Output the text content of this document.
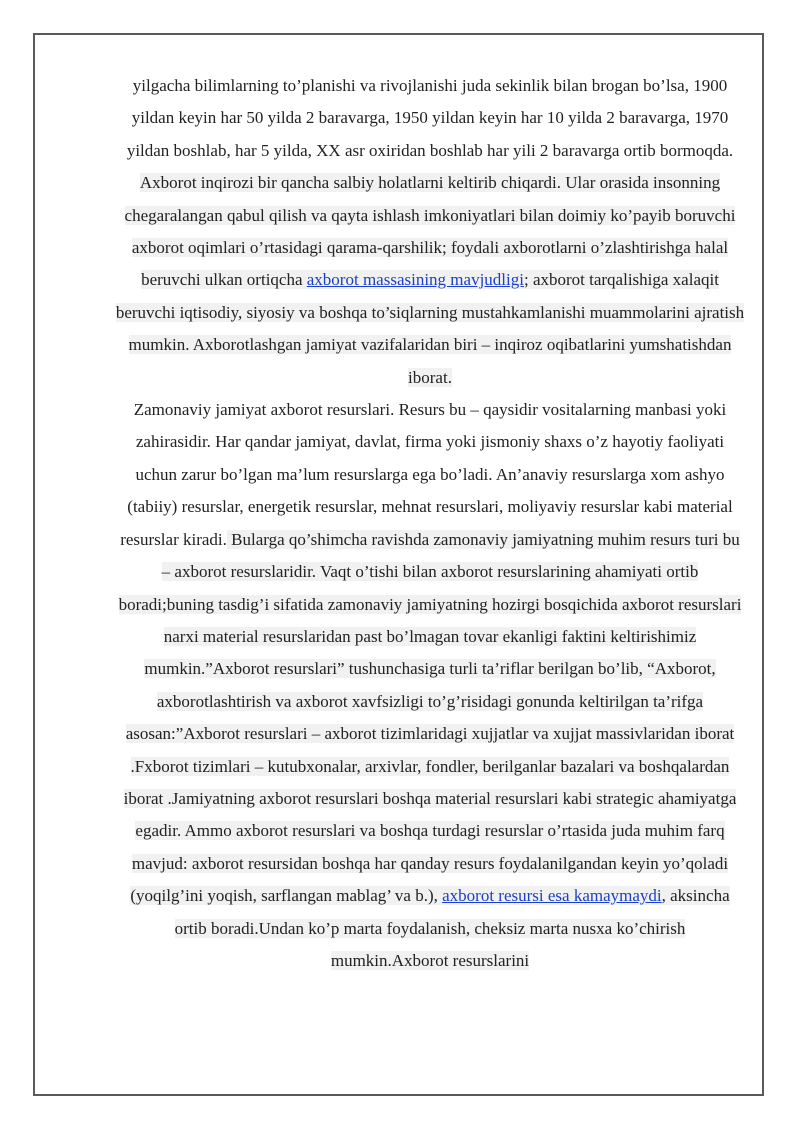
yilgacha bilimlarning to’planishi va rivojlanishi juda sekinlik bilan brogan bo’lsa, 1900 yildan keyin har 50 yilda 2 baravarga, 1950 yildan keyin har 10 yilda 2 baravarga, 1970 yildan boshlab, har 5 yilda, XX asr oxiridan boshlab har yili 2 baravarga ortib bormoqda. Axborot inqirozi bir qancha salbiy holatlarni keltirib chiqardi. Ular orasida insonning chegaralangan qabul qilish va qayta ishlash imkoniyatlari bilan doimiy ko’payib boruvchi axborot oqimlari o’rtasidagi qarama-qarshilik; foydali axborotlarni o’zlashtirishga halal beruvchi ulkan ortiqcha axborot massasining mavjudligi; axborot tarqalishiga xalaqit beruvchi iqtisodiy, siyosiy va boshqa to’siqlarning mustahkamlanishi muammolarini ajratish mumkin. Axborotlashgan jamiyat vazifalaridan biri – inqiroz oqibatlarini yumshatishdan iborat.

Zamonaviy jamiyat axborot resurslari. Resurs bu – qaysidir vositalarning manbasi yoki zahirasidir. Har qandar jamiyat, davlat, firma yoki jismoniy shaxs o’z hayotiy faoliyati uchun zarur bo’lgan ma’lum resurslarga ega bo’ladi. An’anaviy resurslarga xom ashyo (tabiiy) resurslar, energetik resurslar, mehnat resurslari, moliyaviy resurslar kabi material resurslar kiradi. Bularga qo’shimcha ravishda zamonaviy jamiyatning muhim resurs turi bu – axborot resurslaridir. Vaqt o’tishi bilan axborot resurslarining ahamiyati ortib boradi;buning tasdig’i sifatida zamonaviy jamiyatning hozirgi bosqichida axborot resurslari narxi material resurslaridan past bo’lmagan tovar ekanligi faktini keltirishimiz mumkin.”Axborot resurslari” tushunchasiga turli ta’riflar berilgan bo’lib, “Axborot, axborotlashtirish va axborot xavfsizligi to’g’risidagi gonunda keltirilgan ta’rifga asosan:”Axborot resurslari – axborot tizimlaridagi xujjatlar va xujjat massivlaridan iborat .Fxborot tizimlari – kutubxonalar, arxivlar, fondler, berilganlar bazalari va boshqalardan iborat .Jamiyatning axborot resurslari boshqa material resurslari kabi strategic ahamiyatga egadir. Ammo axborot resurslari va boshqa turdagi resurslar o’rtasida juda muhim farq mavjud: axborot resursidan boshqa har qanday resurs foydalanilgandan keyin yo’qoladi (yoqilg’ini yoqish, sarflangan mablag’ va b.), axborot resursi esa kamaymaydi, aksincha ortib boradi.Undan ko’p marta foydalanish, cheksiz marta nusxa ko’chirish mumkin.Axborot resurslarini
